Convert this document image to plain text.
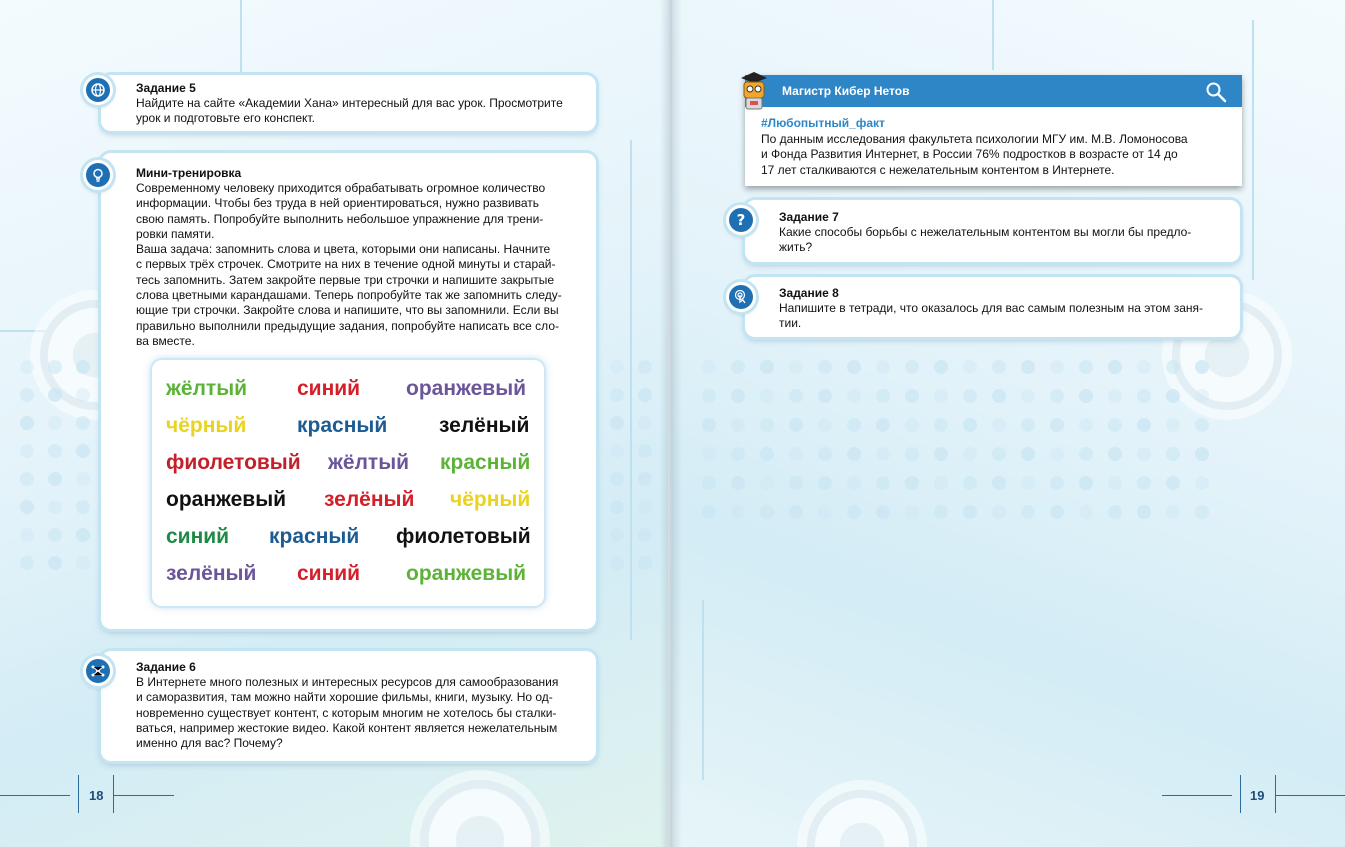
18	19
Задание 5
Найдите на сайте «Академии Хана» интересный для вас урок. Просмотрите
урок и подготовьте его конспект.
Мини-тренировка
Современному человеку приходится обрабатывать огромное количество
информации. Чтобы без труда в ней ориентироваться, нужно развивать
свою память. Попробуйте выполнить небольшое упражнение для трени-
ровки памяти.
Ваша задача: запомнить слова и цвета, которыми они написаны. Начните
с первых трёх строчек. Смотрите на них в течение одной минуты и старай-
тесь запомнить. Затем закройте первые три строчки и напишите закрытые
слова цветными карандашами. Теперь попробуйте так же запомнить следу-
ющие три строчки. Закройте слова и напишите, что вы запомнили. Если вы
правильно выполнили предыдущие задания, попробуйте написать все сло-
ва вместе.
жёлтый синий оранжевый
чёрный красный зелёный
фиолетовый жёлтый красный
оранжевый зелёный чёрный
синий красный фиолетовый
зелёный синий оранжевый
Задание 6
В Интернете много полезных и интересных ресурсов для самообразования
и саморазвития, там можно найти хорошие фильмы, книги, музыку. Но од-
новременно существует контент, с которым многим не хотелось бы сталки-
ваться, например жестокие видео. Какой контент является нежелательным
именно для вас? Почему?
Магистр Кибер Нетов
#Любопытный_факт
По данным исследования факультета психологии МГУ им. М.В. Ломоносова
и Фонда Развития Интернет, в России 76% подростков в возрасте от 14 до
17 лет сталкиваются с нежелательным контентом в Интернете.
Задание 7
Какие способы борьбы с нежелательным контентом вы могли бы предло-
жить?
?
Задание 8
Напишите в тетради, что оказалось для вас самым полезным на этом заня-
тии.
